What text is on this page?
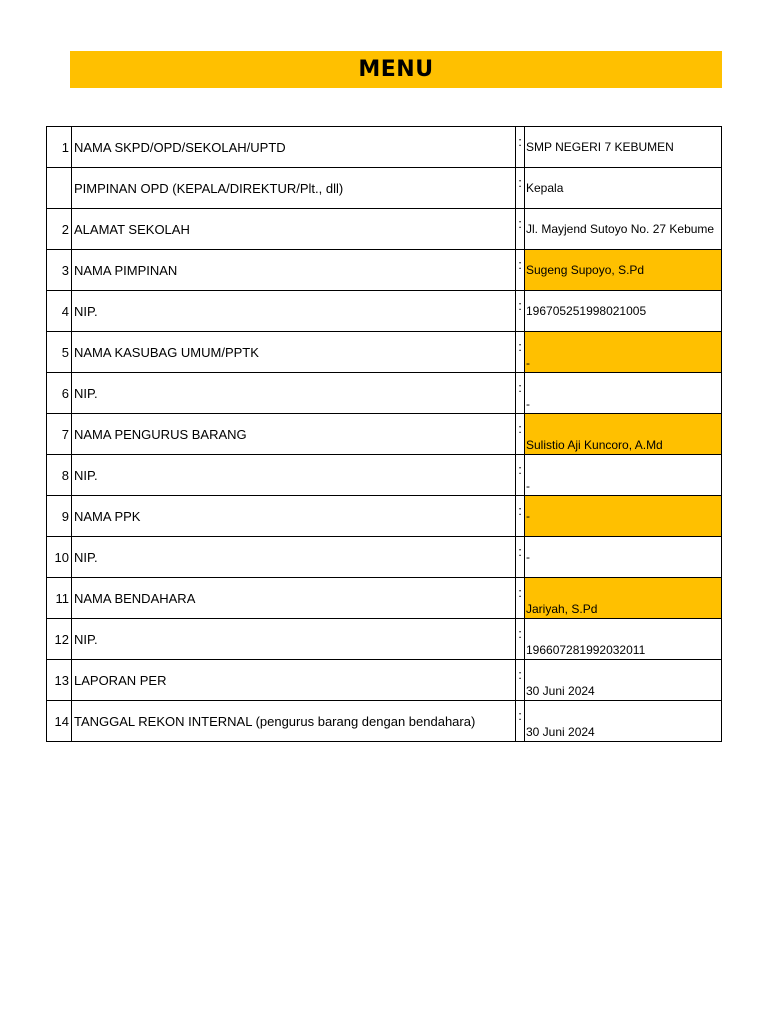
MENU
1	NAMA SKPD/OPD/SEKOLAH/UPTD	:	SMP NEGERI 7 KEBUMEN
	PIMPINAN OPD (KEPALA/DIREKTUR/Plt., dll)	:	Kepala
2	ALAMAT SEKOLAH	:	Jl. Mayjend Sutoyo No. 27 Kebume
3	NAMA PIMPINAN	:	Sugeng Supoyo, S.Pd
4	NIP.	:	196705251998021005
5	NAMA KASUBAG UMUM/PPTK	:	-
6	NIP.	:	-
7	NAMA PENGURUS BARANG	:	Sulistio Aji Kuncoro, A.Md
8	NIP.	:	-
9	NAMA PPK	:	-
10	NIP.	:	-
11	NAMA BENDAHARA	:	Jariyah, S.Pd
12	NIP.	:	196607281992032011
13	LAPORAN PER	:	30 Juni 2024
14	TANGGAL REKON INTERNAL (pengurus barang dengan bendahara)	:	30 Juni 2024
